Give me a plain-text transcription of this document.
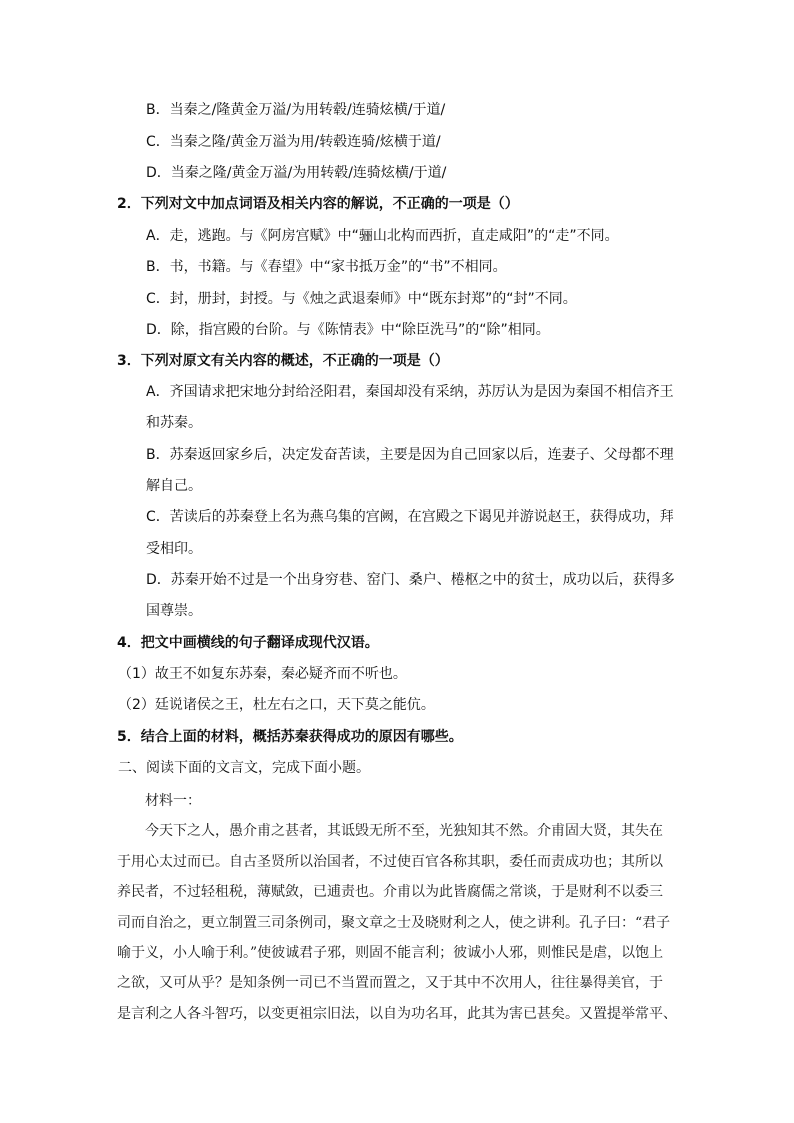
B．当秦之/隆黄金万溢/为用转毂/连骑炫横/于道/
C．当秦之隆/黄金万溢为用/转毂连骑/炫横于道/
D．当秦之隆/黄金万溢/为用转毂/连骑炫横/于道/
2．下列对文中加点词语及相关内容的解说，不正确的一项是（）
A．走，逃跑。与《阿房宫赋》中“骊山北构而西折，直走咸阳”的“走”不同。
B．书，书籍。与《春望》中“家书抵万金”的“书”不相同。
C．封，册封，封授。与《烛之武退秦师》中“既东封郑”的“封”不同。
D．除，指宫殿的台阶。与《陈情表》中“除臣洗马”的“除”相同。
3．下列对原文有关内容的概述，不正确的一项是（）
A．齐国请求把宋地分封给泾阳君，秦国却没有采纳，苏厉认为是因为秦国不相信齐王
和苏秦。
B．苏秦返回家乡后，决定发奋苦读，主要是因为自己回家以后，连妻子、父母都不理
解自己。
C．苦读后的苏秦登上名为燕乌集的宫阙，在宫殿之下谒见并游说赵王，获得成功，拜
受相印。
D．苏秦开始不过是一个出身穷巷、窑门、桑户、棬枢之中的贫士，成功以后，获得多
国尊崇。
4．把文中画横线的句子翻译成现代汉语。
（1）故王不如复东苏秦，秦必疑齐而不听也。
（2）廷说诸侯之王，杜左右之口，天下莫之能伉。
5．结合上面的材料，概括苏秦获得成功的原因有哪些。
二、阅读下面的文言文，完成下面小题。

材料一：

今天下之人，愚介甫之甚者，其诋毁无所不至，光独知其不然。介甫固大贤，其失在

于用心太过而已。自古圣贤所以治国者，不过使百官各称其职，委任而责成功也；其所以

养民者，不过轻租税，薄赋敛，已逋责也。介甫以为此皆腐儒之常谈，于是财利不以委三

司而自治之，更立制置三司条例司，聚文章之士及晓财利之人，使之讲利。孔子曰：“君子

喻于义，小人喻于利。”使彼诚君子邪，则固不能言利；彼诚小人邪，则惟民是虐，以饱上

之欲，又可从乎？是知条例一司已不当置而置之，又于其中不次用人，往往暴得美官，于

是言利之人各斗智巧，以变更祖宗旧法，以自为功名耳，此其为害已甚矣。又置提举常平、
